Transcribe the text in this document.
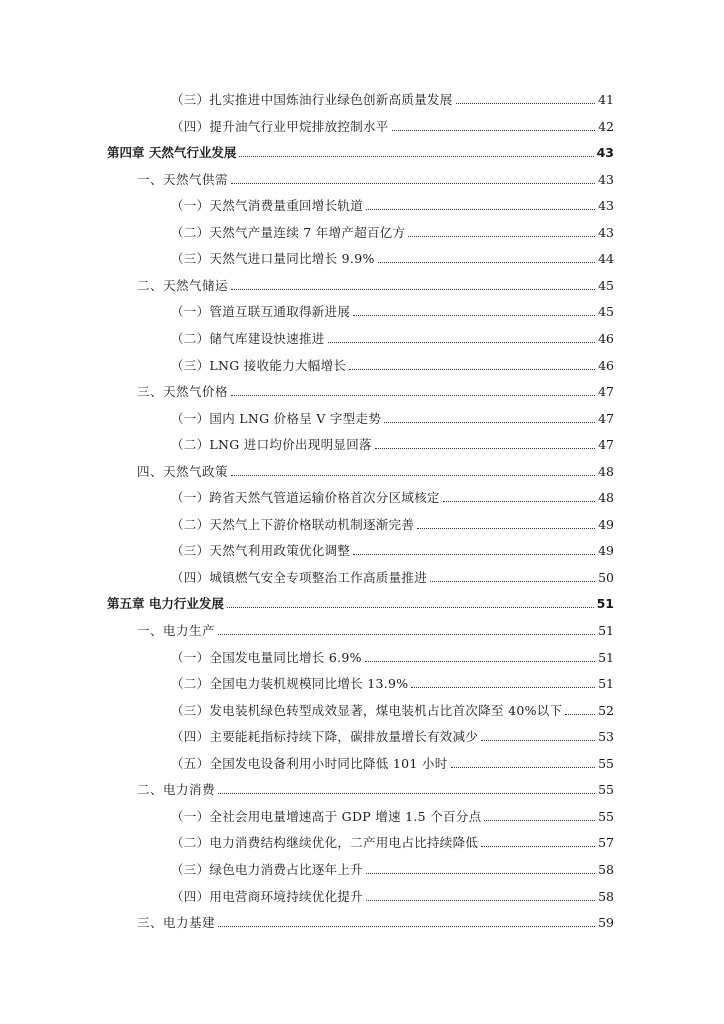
（三）扎实推进中国炼油行业绿色创新高质量发展	41
（四）提升油气行业甲烷排放控制水平	42
第四章 天然气行业发展	43
一、天然气供需	43
（一）天然气消费量重回增长轨道	43
（二）天然气产量连续 7 年增产超百亿方	43
（三）天然气进口量同比增长 9.9%	44
二、天然气储运	45
（一）管道互联互通取得新进展	45
（二）储气库建设快速推进	46
（三）LNG 接收能力大幅增长	46
三、天然气价格	47
（一）国内 LNG 价格呈 V 字型走势	47
（二）LNG 进口均价出现明显回落	47
四、天然气政策	48
（一）跨省天然气管道运输价格首次分区域核定	48
（二）天然气上下游价格联动机制逐渐完善	49
（三）天然气利用政策优化调整	49
（四）城镇燃气安全专项整治工作高质量推进	50
第五章 电力行业发展	51
一、电力生产	51
（一）全国发电量同比增长 6.9%	51
（二）全国电力装机规模同比增长 13.9%	51
（三）发电装机绿色转型成效显著，煤电装机占比首次降至 40%以下	52
（四）主要能耗指标持续下降，碳排放量增长有效减少	53
（五）全国发电设备利用小时同比降低 101 小时	55
二、电力消费	55
（一）全社会用电量增速高于 GDP 增速 1.5 个百分点	55
（二）电力消费结构继续优化，二产用电占比持续降低	57
（三）绿色电力消费占比逐年上升	58
（四）用电营商环境持续优化提升	58
三、电力基建	59
